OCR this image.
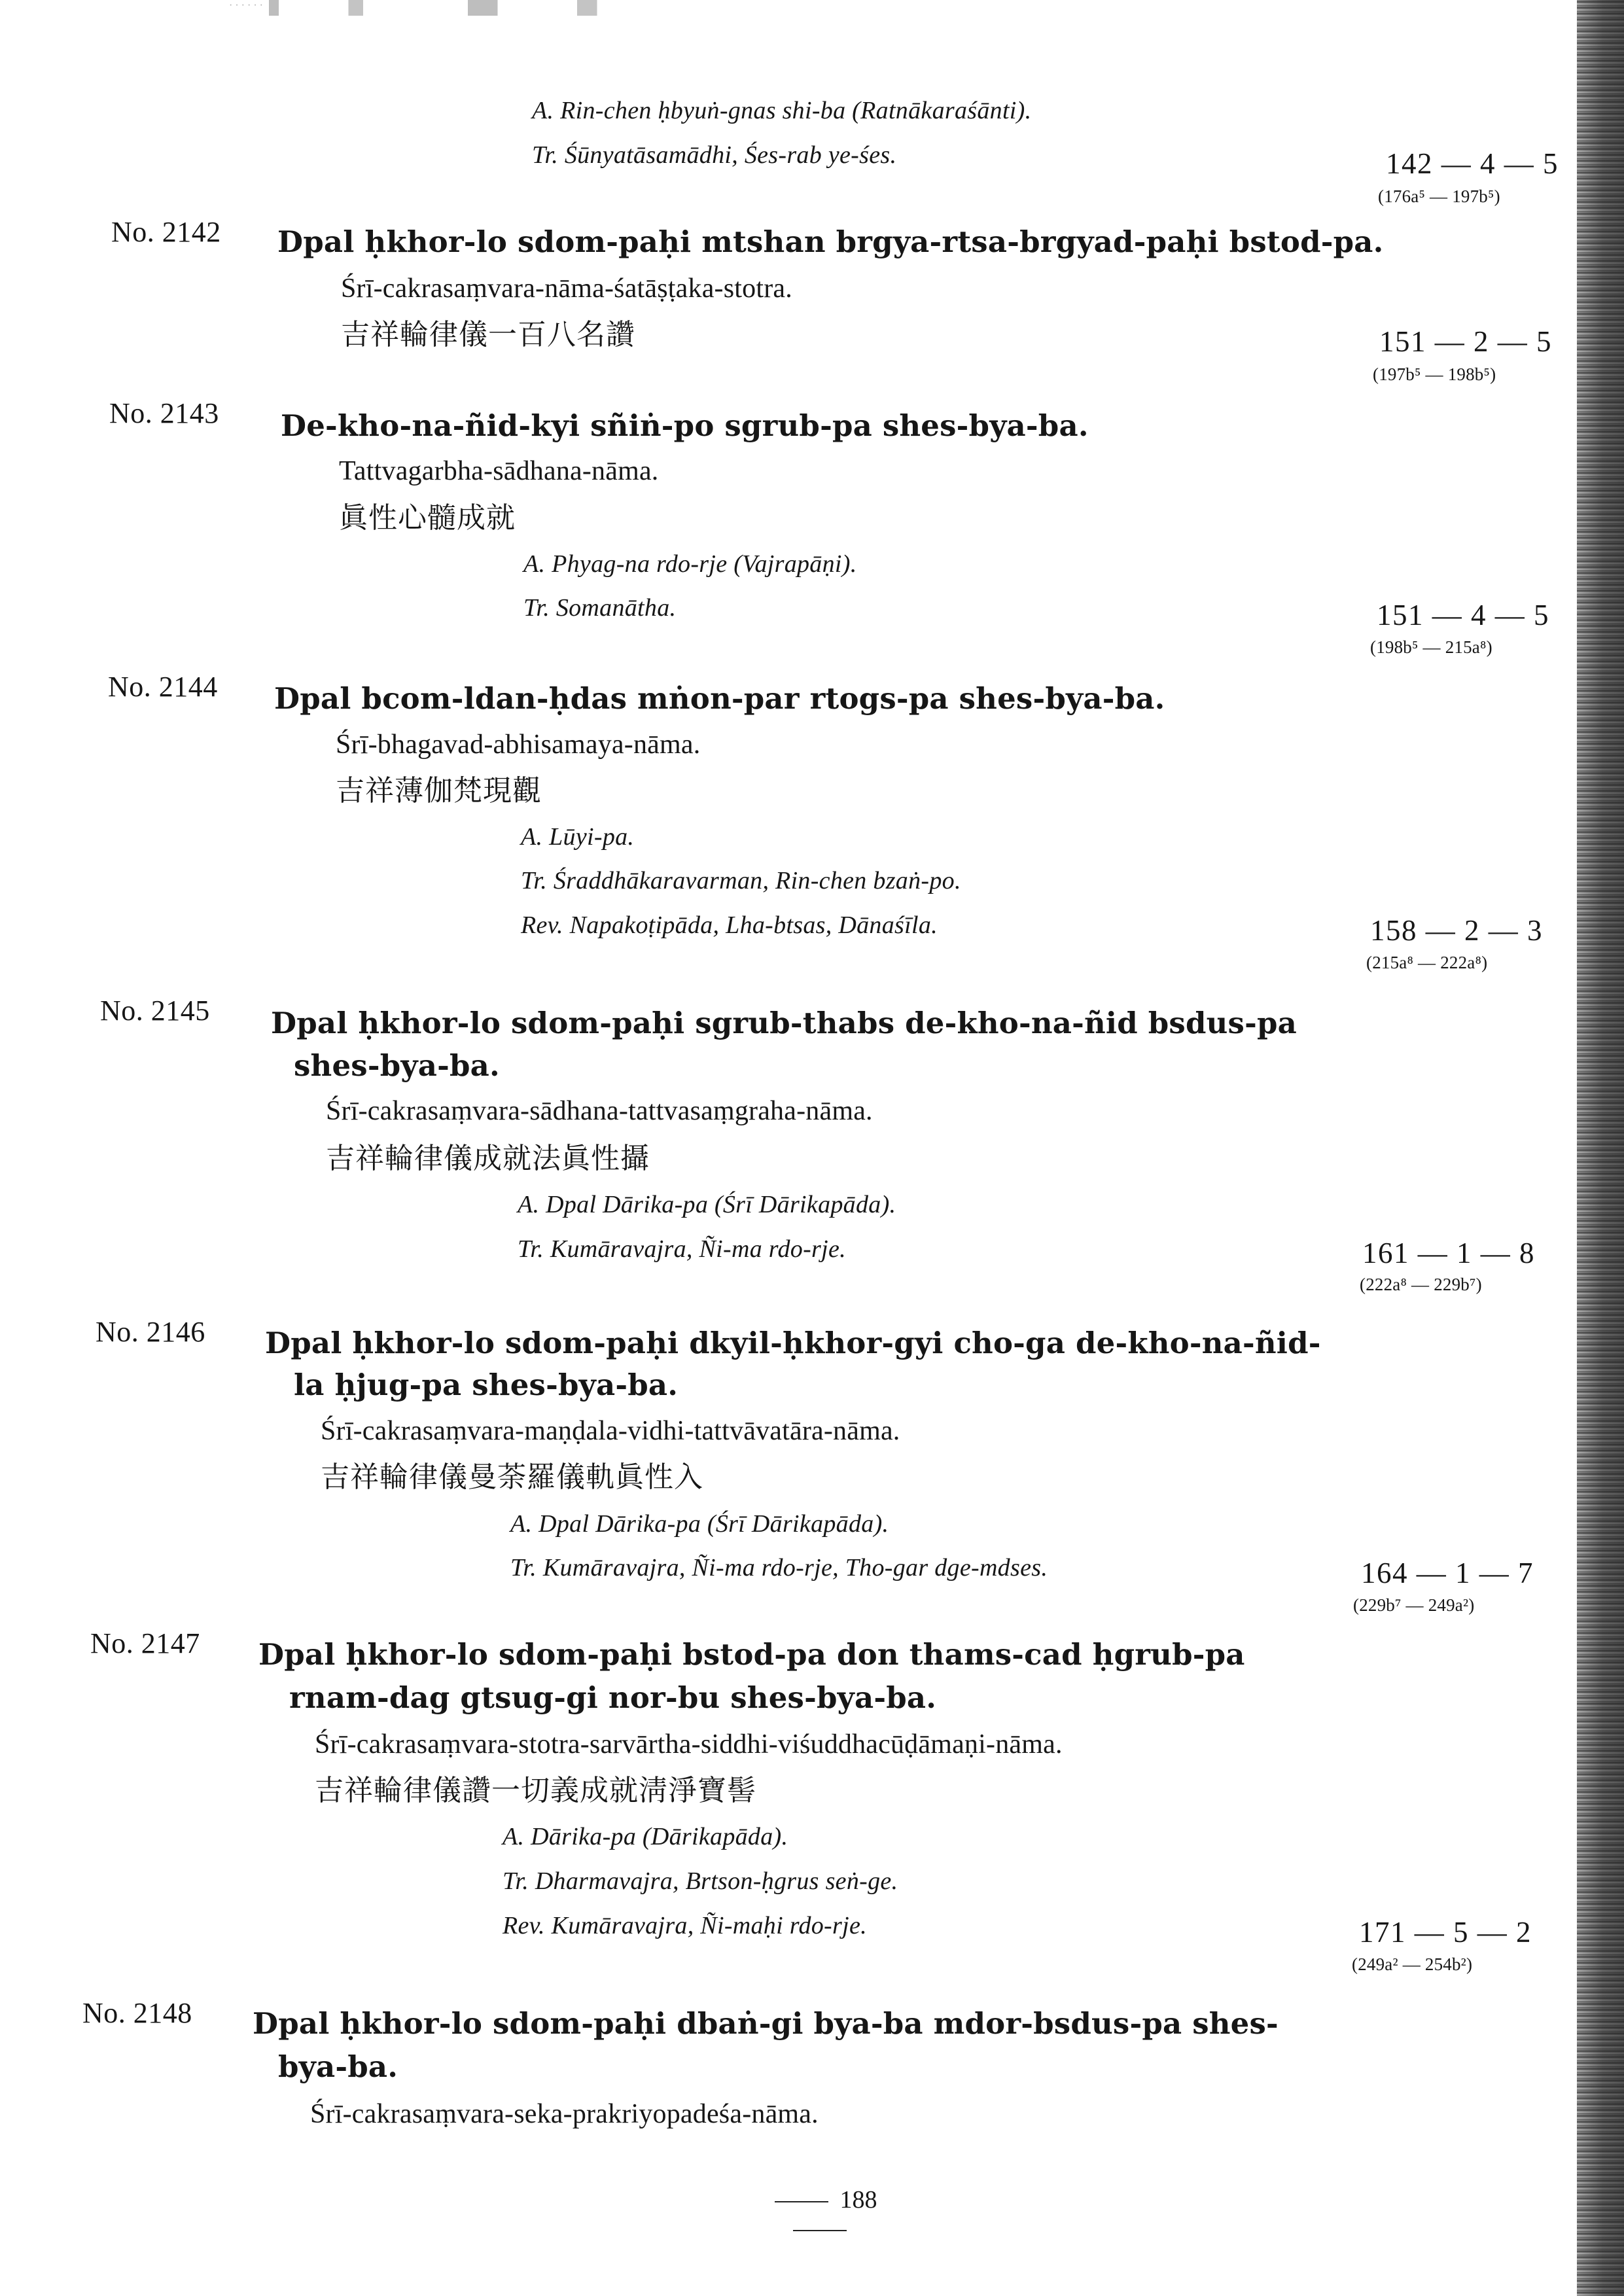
· · · · · ·
A. Rin-chen ḥbyuṅ-gnas shi-ba (Ratnākaraśānti).
Tr. Śūnyatāsamādhi, Śes-rab ye-śes.	142 — 4 — 5
(176a⁵ — 197b⁵)
No. 2142 Dpal ḥkhor-lo sdom-paḥi mtshan brgya-rtsa-brgyad-paḥi bstod-pa.
Śrī-cakrasaṃvara-nāma-śatāṣṭaka-stotra.
吉祥輪律儀一百八名讚	151 — 2 — 5
(197b⁵ — 198b⁵)
No. 2143 De-kho-na-ñid-kyi sñiṅ-po sgrub-pa shes-bya-ba.
Tattvagarbha-sādhana-nāma.
眞性心髓成就
A. Phyag-na rdo-rje (Vajrapāṇi).
Tr. Somanātha.	151 — 4 — 5
(198b⁵ — 215a⁸)
No. 2144 Dpal bcom-ldan-ḥdas mṅon-par rtogs-pa shes-bya-ba.
Śrī-bhagavad-abhisamaya-nāma.
吉祥薄伽梵現觀
A. Lūyi-pa.
Tr. Śraddhākaravarman, Rin-chen bzaṅ-po.
Rev. Napakoṭipāda, Lha-btsas, Dānaśīla.	158 — 2 — 3
(215a⁸ — 222a⁸)
No. 2145 Dpal ḥkhor-lo sdom-paḥi sgrub-thabs de-kho-na-ñid bsdus-pa
shes-bya-ba.
Śrī-cakrasaṃvara-sādhana-tattvasaṃgraha-nāma.
吉祥輪律儀成就法眞性攝
A. Dpal Dārika-pa (Śrī Dārikapāda).
Tr. Kumāravajra, Ñi-ma rdo-rje.	161 — 1 — 8
(222a⁸ — 229b⁷)
No. 2146 Dpal ḥkhor-lo sdom-paḥi dkyil-ḥkhor-gyi cho-ga de-kho-na-ñid-
la ḥjug-pa shes-bya-ba.
Śrī-cakrasaṃvara-maṇḍala-vidhi-tattvāvatāra-nāma.
吉祥輪律儀曼荼羅儀軌眞性入
A. Dpal Dārika-pa (Śrī Dārikapāda).
Tr. Kumāravajra, Ñi-ma rdo-rje, Tho-gar dge-mdses.	164 — 1 — 7
(229b⁷ — 249a²)
No. 2147 Dpal ḥkhor-lo sdom-paḥi bstod-pa don thams-cad ḥgrub-pa
rnam-dag gtsug-gi nor-bu shes-bya-ba.
Śrī-cakrasaṃvara-stotra-sarvārtha-siddhi-viśuddhacūḍāmaṇi-nāma.
吉祥輪律儀讚一切義成就淸淨寶髻
A. Dārika-pa (Dārikapāda).
Tr. Dharmavajra, Brtson-ḥgrus seṅ-ge.
Rev. Kumāravajra, Ñi-maḥi rdo-rje.	171 — 5 — 2
(249a² — 254b²)
No. 2148 Dpal ḥkhor-lo sdom-paḥi dbaṅ-gi bya-ba mdor-bsdus-pa shes-
bya-ba.
Śrī-cakrasaṃvara-seka-prakriyopadeśa-nāma.
188
